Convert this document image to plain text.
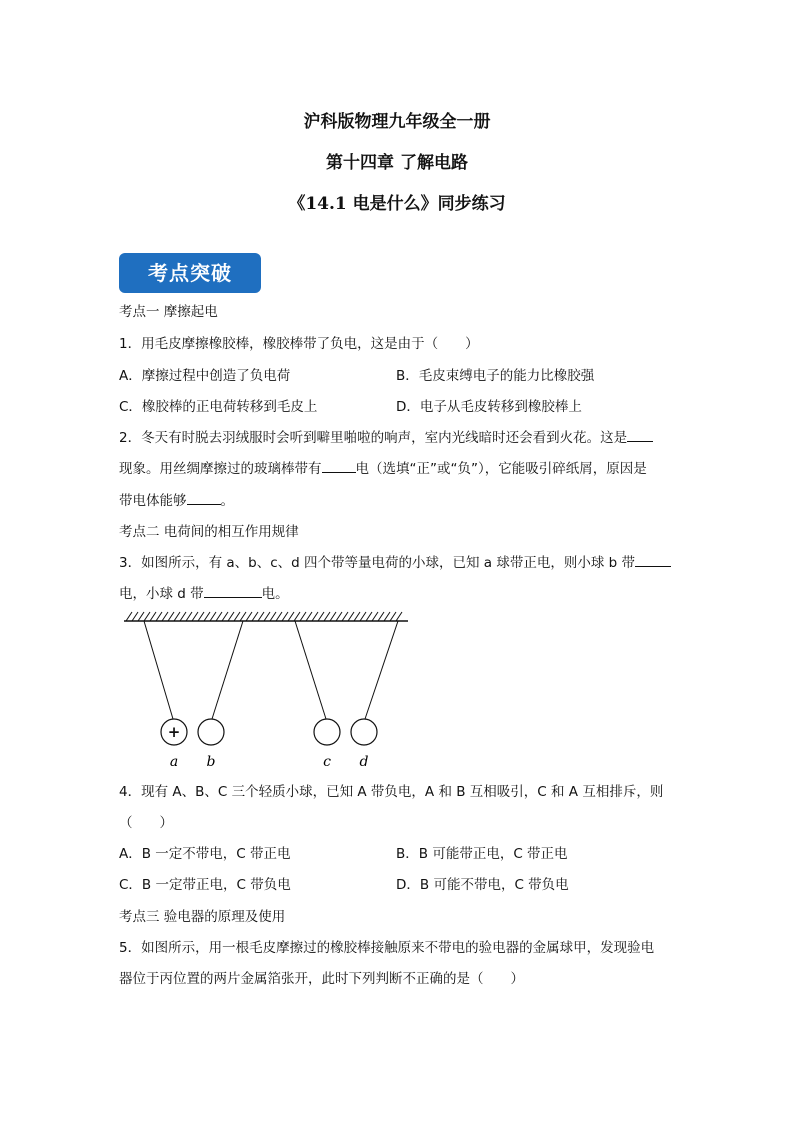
沪科版物理九年级全一册
第十四章 了解电路
《14.1 电是什么》同步练习
考点突破
考点一 摩擦起电
1．用毛皮摩擦橡胶棒，橡胶棒带了负电，这是由于（　　）
A．摩擦过程中创造了负电荷	B．毛皮束缚电子的能力比橡胶强
C．橡胶棒的正电荷转移到毛皮上	D．电子从毛皮转移到橡胶棒上
2．冬天有时脱去羽绒服时会听到噼里啪啦的响声，室内光线暗时还会看到火花。这是
现象。用丝绸摩擦过的玻璃棒带有	电（选填“正”或“负”），它能吸引碎纸屑，原因是
带电体能够	。
考点二 电荷间的相互作用规律
3．如图所示，有 a、b、c、d 四个带等量电荷的小球，已知 a 球带正电，则小球 b 带
电，小球 d 带	电。
+
a b	c d
4．现有 A、B、C 三个轻质小球，已知 A 带负电，A 和 B 互相吸引，C 和 A 互相排斥，则
（　　）
A．B 一定不带电，C 带正电	B．B 可能带正电，C 带正电
C．B 一定带正电，C 带负电	D．B 可能不带电，C 带负电
考点三 验电器的原理及使用
5．如图所示，用一根毛皮摩擦过的橡胶棒接触原来不带电的验电器的金属球甲，发现验电
器位于丙位置的两片金属箔张开，此时下列判断不正确的是（　　）
